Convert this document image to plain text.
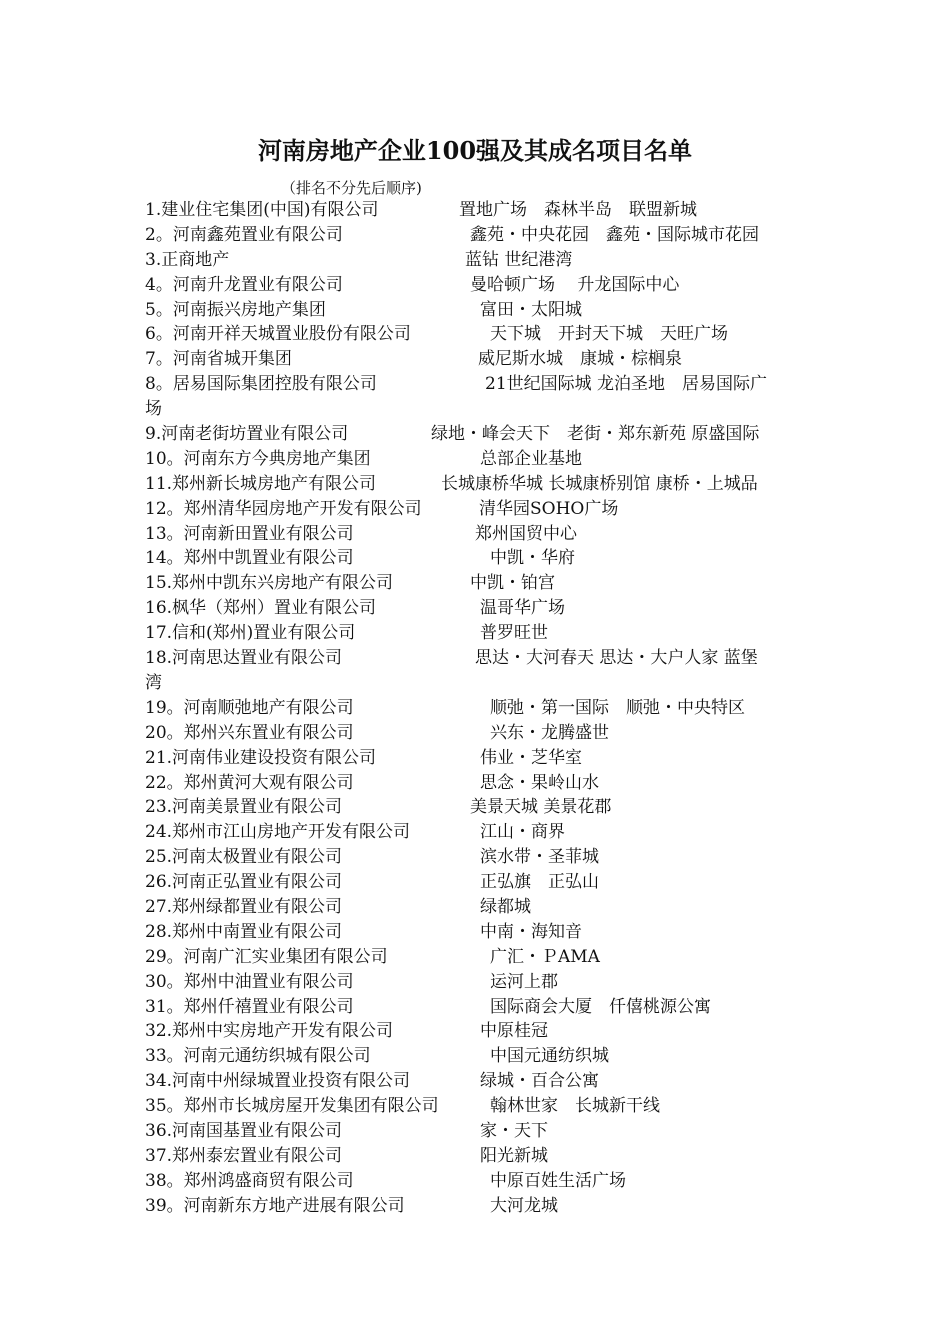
河南房地产企业100强及其成名项目名单
（排名不分先后顺序)
1.建业住宅集团(中国)有限公司	置地广场　森林半岛　联盟新城
2。河南鑫苑置业有限公司	鑫苑・中央花园　鑫苑・国际城市花园
3.正商地产	蓝钻 世纪港湾
4。河南升龙置业有限公司	曼哈顿广场　 升龙国际中心
5。河南振兴房地产集团	富田・太阳城
6。河南开祥天城置业股份有限公司	天下城　开封天下城　天旺广场
7。河南省城开集团	威尼斯水城　康城・棕榈泉
8。居易国际集团控股有限公司	21世纪国际城 龙泊圣地　居易国际广
场
9.河南老街坊置业有限公司	绿地・峰会天下　老街・郑东新苑 原盛国际
10。河南东方今典房地产集团	总部企业基地
11.郑州新长城房地产有限公司	长城康桥华城 长城康桥别馆 康桥・上城品
12。郑州清华园房地产开发有限公司	清华园SOHO广场
13。河南新田置业有限公司	郑州国贸中心
14。郑州中凯置业有限公司	中凯・华府
15.郑州中凯东兴房地产有限公司	中凯・铂宫
16.枫华（郑州）置业有限公司	温哥华广场
17.信和(郑州)置业有限公司	普罗旺世
18.河南思达置业有限公司	思达・大河春天 思达・大户人家 蓝堡
湾
19。河南顺弛地产有限公司	顺弛・第一国际　顺弛・中央特区
20。郑州兴东置业有限公司	兴东・龙腾盛世
21.河南伟业建设投资有限公司	伟业・芝华室
22。郑州黄河大观有限公司	思念・果岭山水
23.河南美景置业有限公司	美景天城 美景花郡
24.郑州市江山房地产开发有限公司	江山・商界
25.河南太极置业有限公司	滨水带・圣菲城
26.河南正弘置业有限公司	正弘旗　正弘山
27.郑州绿都置业有限公司	绿都城
28.郑州中南置业有限公司	中南・海知音
29。河南广汇实业集团有限公司	广汇・ＰAMA
30。郑州中油置业有限公司	运河上郡
31。郑州仟禧置业有限公司	国际商会大厦　仟僖桃源公寓
32.郑州中实房地产开发有限公司	中原桂冠
33。河南元通纺织城有限公司	中国元通纺织城
34.河南中州绿城置业投资有限公司	绿城・百合公寓
35。郑州市长城房屋开发集团有限公司	翰林世家　长城新干线
36.河南国基置业有限公司	家・天下
37.郑州泰宏置业有限公司	阳光新城
38。郑州鸿盛商贸有限公司	中原百姓生活广场
39。河南新东方地产进展有限公司	大河龙城
